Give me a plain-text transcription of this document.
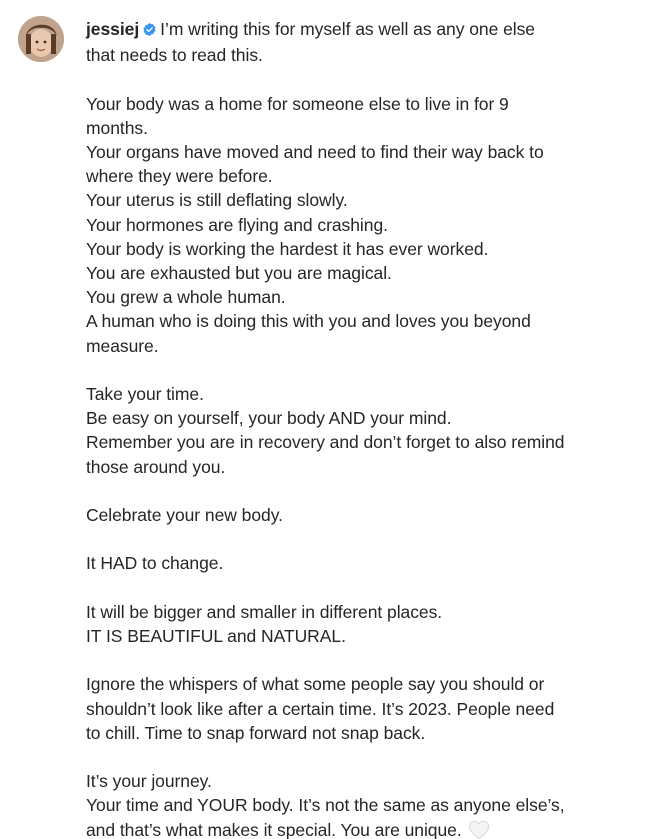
jessiej I’m writing this for myself as well as any one else
that needs to read this.
Your body was a home for someone else to live in for 9
months.
Your organs have moved and need to find their way back to
where they were before.
Your uterus is still deflating slowly.
Your hormones are flying and crashing.
Your body is working the hardest it has ever worked.
You are exhausted but you are magical.
You grew a whole human.
A human who is doing this with you and loves you beyond
measure.
Take your time.
Be easy on yourself, your body AND your mind.
Remember you are in recovery and don’t forget to also remind
those around you.
Celebrate your new body.
It HAD to change.
It will be bigger and smaller in different places.
IT IS BEAUTIFUL and NATURAL.
Ignore the whispers of what some people say you should or
shouldn’t look like after a certain time. It’s 2023. People need
to chill. Time to snap forward not snap back.
It’s your journey.
Your time and YOUR body. It’s not the same as anyone else’s,
and that’s what makes it special. You are unique.
